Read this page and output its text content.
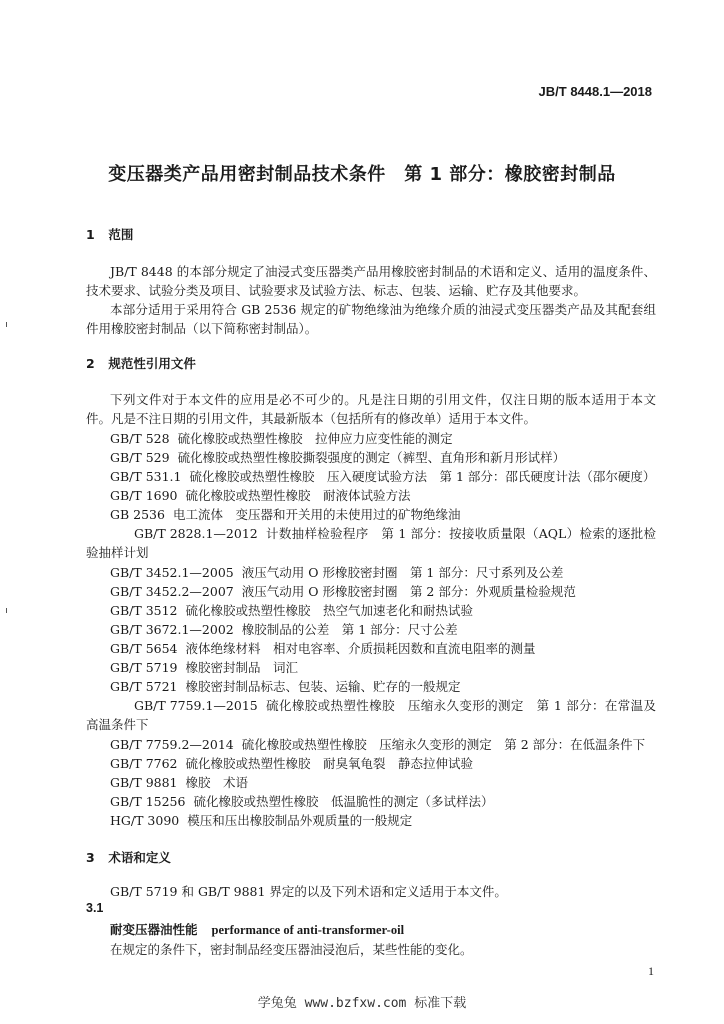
JB/T 8448.1—2018
变压器类产品用密封制品技术条件　第 1 部分：橡胶密封制品
1 范围
JB/T 8448 的本部分规定了油浸式变压器类产品用橡胶密封制品的术语和定义、适用的温度条件、技术要求、试验分类及项目、试验要求及试验方法、标志、包装、运输、贮存及其他要求。
本部分适用于采用符合 GB 2536 规定的矿物绝缘油为绝缘介质的油浸式变压器类产品及其配套组件用橡胶密封制品（以下简称密封制品）。
2 规范性引用文件
下列文件对于本文件的应用是必不可少的。凡是注日期的引用文件，仅注日期的版本适用于本文件。凡是不注日期的引用文件，其最新版本（包括所有的修改单）适用于本文件。
GB/T 528 硫化橡胶或热塑性橡胶　拉伸应力应变性能的测定
GB/T 529 硫化橡胶或热塑性橡胶撕裂强度的测定（裤型、直角形和新月形试样）
GB/T 531.1 硫化橡胶或热塑性橡胶　压入硬度试验方法　第 1 部分：邵氏硬度计法（邵尔硬度）
GB/T 1690 硫化橡胶或热塑性橡胶　耐液体试验方法
GB 2536 电工流体　变压器和开关用的未使用过的矿物绝缘油
GB/T 2828.1—2012 计数抽样检验程序　第 1 部分：按接收质量限（AQL）检索的逐批检验抽样计划
GB/T 3452.1—2005 液压气动用 O 形橡胶密封圈　第 1 部分：尺寸系列及公差
GB/T 3452.2—2007 液压气动用 O 形橡胶密封圈　第 2 部分：外观质量检验规范
GB/T 3512 硫化橡胶或热塑性橡胶　热空气加速老化和耐热试验
GB/T 3672.1—2002 橡胶制品的公差　第 1 部分：尺寸公差
GB/T 5654 液体绝缘材料　相对电容率、介质损耗因数和直流电阻率的测量
GB/T 5719 橡胶密封制品　词汇
GB/T 5721 橡胶密封制品标志、包装、运输、贮存的一般规定
GB/T 7759.1—2015 硫化橡胶或热塑性橡胶　压缩永久变形的测定　第 1 部分：在常温及高温条件下
GB/T 7759.2—2014 硫化橡胶或热塑性橡胶　压缩永久变形的测定　第 2 部分：在低温条件下
GB/T 7762 硫化橡胶或热塑性橡胶　耐臭氧龟裂　静态拉伸试验
GB/T 9881 橡胶　术语
GB/T 15256 硫化橡胶或热塑性橡胶　低温脆性的测定（多试样法）
HG/T 3090 模压和压出橡胶制品外观质量的一般规定
3 术语和定义
GB/T 5719 和 GB/T 9881 界定的以及下列术语和定义适用于本文件。
3.1
耐变压器油性能 performance of anti-transformer-oil
在规定的条件下，密封制品经变压器油浸泡后，某些性能的变化。
1
学兔兔 www.bzfxw.com 标准下载
